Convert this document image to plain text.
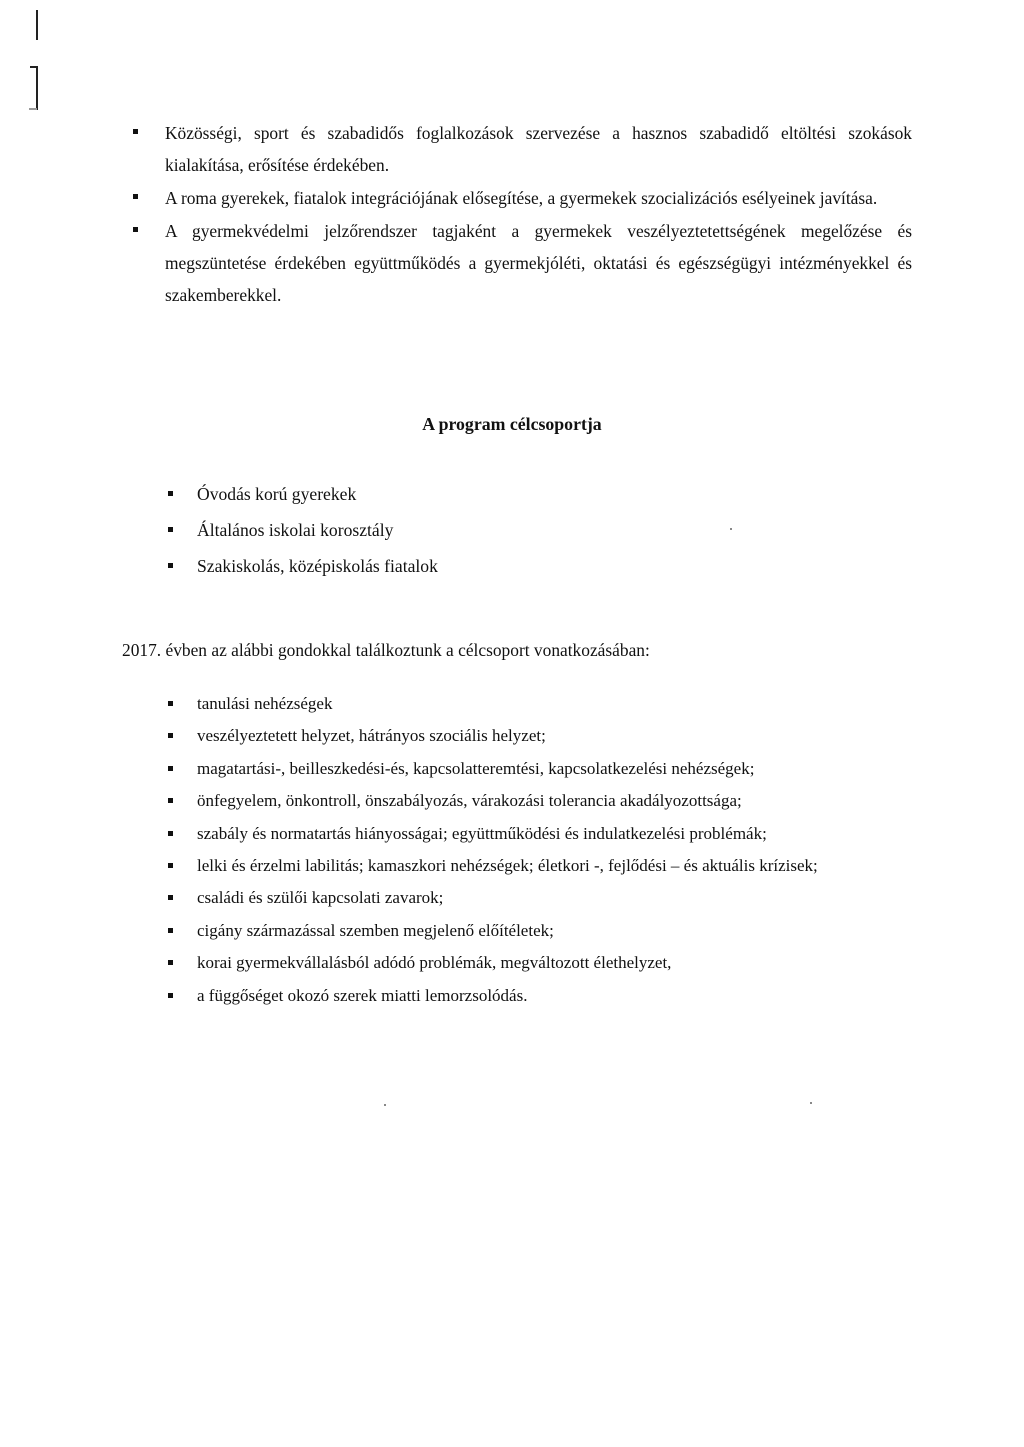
Közösségi, sport és szabadidős foglalkozások szervezése a hasznos szabadidő eltöltési szokások kialakítása, erősítése érdekében.
A roma gyerekek, fiatalok integrációjának elősegítése, a gyermekek szocializációs esélyeinek javítása.
A gyermekvédelmi jelzőrendszer tagjaként a gyermekek veszélyeztetettségének megelőzése és megszüntetése érdekében együttműködés a gyermekjóléti, oktatási és egészségügyi intézményekkel és szakemberekkel.
A program célcsoportja
Óvodás korú gyerekek
Általános iskolai korosztály
Szakiskolás, középiskolás fiatalok
2017. évben az alábbi gondokkal találkoztunk a célcsoport vonatkozásában:
tanulási nehézségek
veszélyeztetett helyzet, hátrányos szociális helyzet;
magatartási-, beilleszkedési-és, kapcsolatteremtési, kapcsolatkezelési nehézségek;
önfegyelem, önkontroll, önszabályozás, várakozási tolerancia akadályozottsága;
szabály és normatartás hiányosságai; együttműködési és indulatkezelési problémák;
lelki és érzelmi labilitás; kamaszkori nehézségek; életkori -, fejlődési – és aktuális krízisek;
családi és szülői kapcsolati zavarok;
cigány származással szemben megjelenő előítéletek;
korai gyermekvállalásból adódó problémák, megváltozott élethelyzet,
a függőséget okozó szerek miatti lemorzsolódás.
